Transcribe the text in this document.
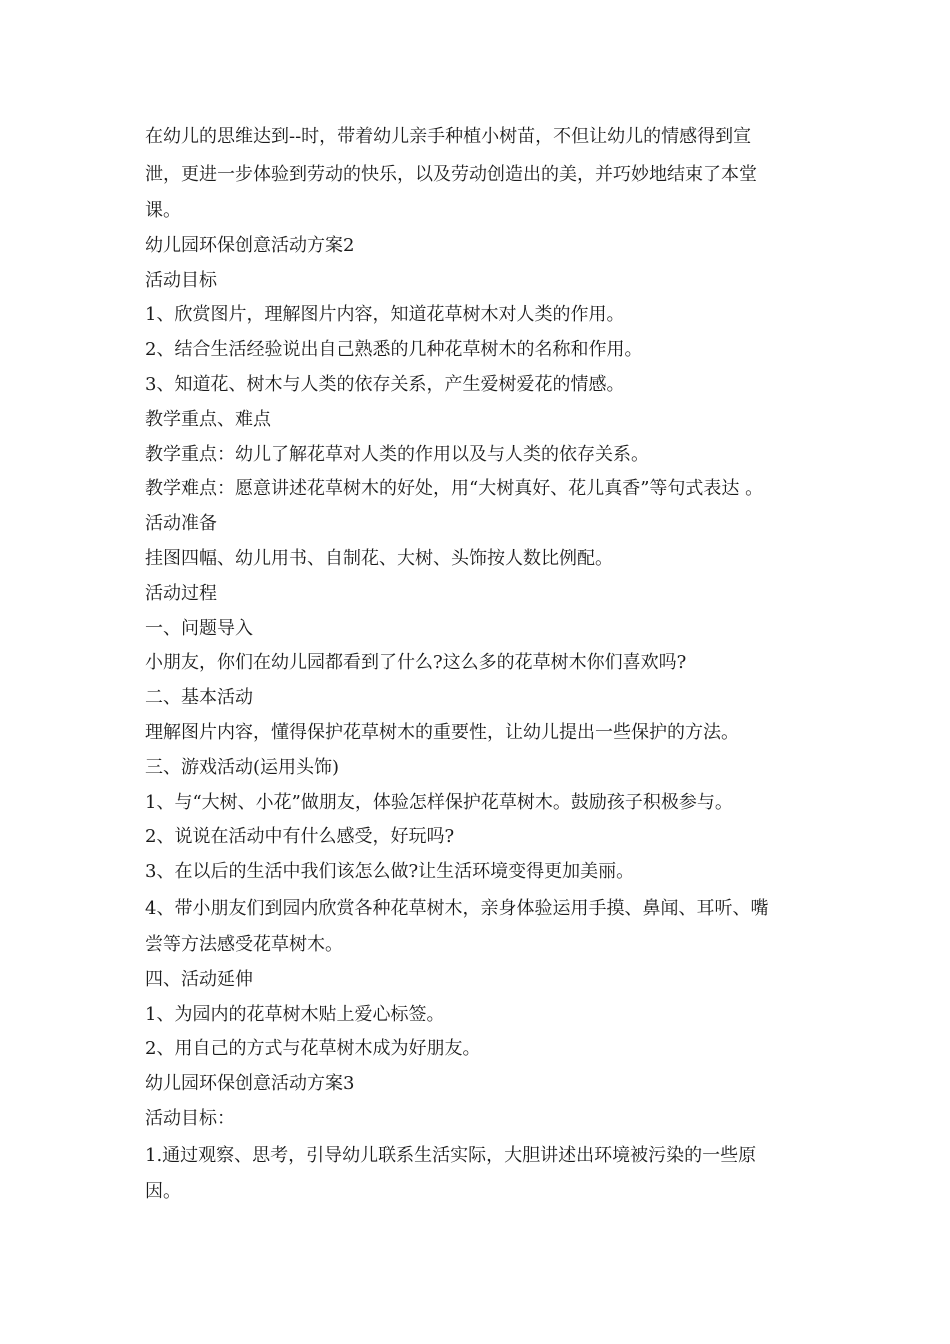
在幼儿的思维达到--时，带着幼儿亲手种植小树苗，不但让幼儿的情感得到宣
泄，更进一步体验到劳动的快乐，以及劳动创造出的美，并巧妙地结束了本堂
课。
幼儿园环保创意活动方案2
活动目标
1、欣赏图片，理解图片内容，知道花草树木对人类的作用。
2、结合生活经验说出自己熟悉的几种花草树木的名称和作用。
3、知道花、树木与人类的依存关系，产生爱树爱花的情感。
教学重点、难点
教学重点：幼儿了解花草对人类的作用以及与人类的依存关系。
教学难点：愿意讲述花草树木的好处，用“大树真好、花儿真香”等句式表达 。
活动准备
挂图四幅、幼儿用书、自制花、大树、头饰按人数比例配。
活动过程
一、问题导入
小朋友，你们在幼儿园都看到了什么?这么多的花草树木你们喜欢吗?
二、基本活动
理解图片内容，懂得保护花草树木的重要性，让幼儿提出一些保护的方法。
三、游戏活动(运用头饰)
1、与“大树、小花”做朋友，体验怎样保护花草树木。鼓励孩子积极参与。
2、说说在活动中有什么感受，好玩吗?
3、在以后的生活中我们该怎么做?让生活环境变得更加美丽。
4、带小朋友们到园内欣赏各种花草树木，亲身体验运用手摸、鼻闻、耳听、嘴
尝等方法感受花草树木。
四、活动延伸
1、为园内的花草树木贴上爱心标签。
2、用自己的方式与花草树木成为好朋友。
幼儿园环保创意活动方案3
活动目标：
1.通过观察、思考，引导幼儿联系生活实际，大胆讲述出环境被污染的一些原
因。
